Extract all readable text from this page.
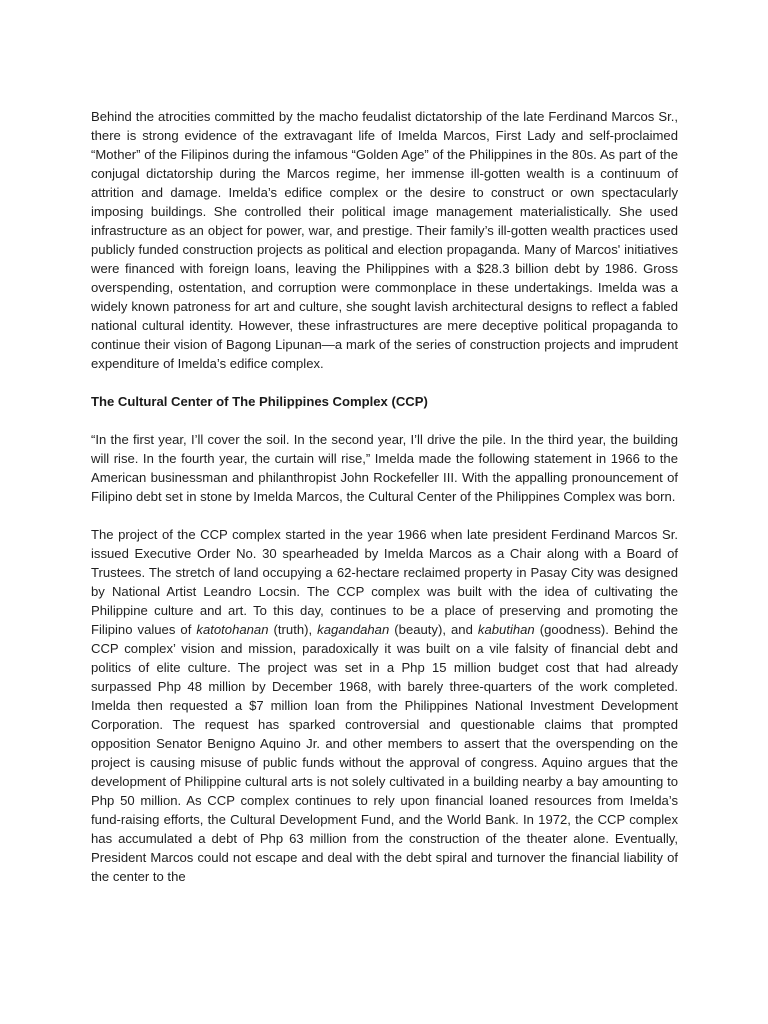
Behind the atrocities committed by the macho feudalist dictatorship of the late Ferdinand Marcos Sr., there is strong evidence of the extravagant life of Imelda Marcos, First Lady and self-proclaimed “Mother” of the Filipinos during the infamous “Golden Age” of the Philippines in the 80s. As part of the conjugal dictatorship during the Marcos regime, her immense ill-gotten wealth is a continuum of attrition and damage. Imelda’s edifice complex or the desire to construct or own spectacularly imposing buildings. She controlled their political image management materialistically. She used infrastructure as an object for power, war, and prestige. Their family’s ill-gotten wealth practices used publicly funded construction projects as political and election propaganda. Many of Marcos' initiatives were financed with foreign loans, leaving the Philippines with a $28.3 billion debt by 1986. Gross overspending, ostentation, and corruption were commonplace in these undertakings. Imelda was a widely known patroness for art and culture, she sought lavish architectural designs to reflect a fabled national cultural identity. However, these infrastructures are mere deceptive political propaganda to continue their vision of Bagong Lipunan—a mark of the series of construction projects and imprudent expenditure of Imelda’s edifice complex.

The Cultural Center of The Philippines Complex (CCP)

“In the first year, I’ll cover the soil. In the second year, I’ll drive the pile. In the third year, the building will rise. In the fourth year, the curtain will rise,” Imelda made the following statement in 1966 to the American businessman and philanthropist John Rockefeller III. With the appalling pronouncement of Filipino debt set in stone by Imelda Marcos, the Cultural Center of the Philippines Complex was born.

The project of the CCP complex started in the year 1966 when late president Ferdinand Marcos Sr. issued Executive Order No. 30 spearheaded by Imelda Marcos as a Chair along with a Board of Trustees. The stretch of land occupying a 62-hectare reclaimed property in Pasay City was designed by National Artist Leandro Locsin. The CCP complex was built with the idea of cultivating the Philippine culture and art. To this day, continues to be a place of preserving and promoting the Filipino values of katotohanan (truth), kagandahan (beauty), and kabutihan (goodness). Behind the CCP complex’ vision and mission, paradoxically it was built on a vile falsity of financial debt and politics of elite culture. The project was set in a Php 15 million budget cost that had already surpassed Php 48 million by December 1968, with barely three-quarters of the work completed. Imelda then requested a $7 million loan from the Philippines National Investment Development Corporation. The request has sparked controversial and questionable claims that prompted opposition Senator Benigno Aquino Jr. and other members to assert that the overspending on the project is causing misuse of public funds without the approval of congress. Aquino argues that the development of Philippine cultural arts is not solely cultivated in a building nearby a bay amounting to Php 50 million. As CCP complex continues to rely upon financial loaned resources from Imelda’s fund-raising efforts, the Cultural Development Fund, and the World Bank. In 1972, the CCP complex has accumulated a debt of Php 63 million from the construction of the theater alone. Eventually, President Marcos could not escape and deal with the debt spiral and turnover the financial liability of the center to the
